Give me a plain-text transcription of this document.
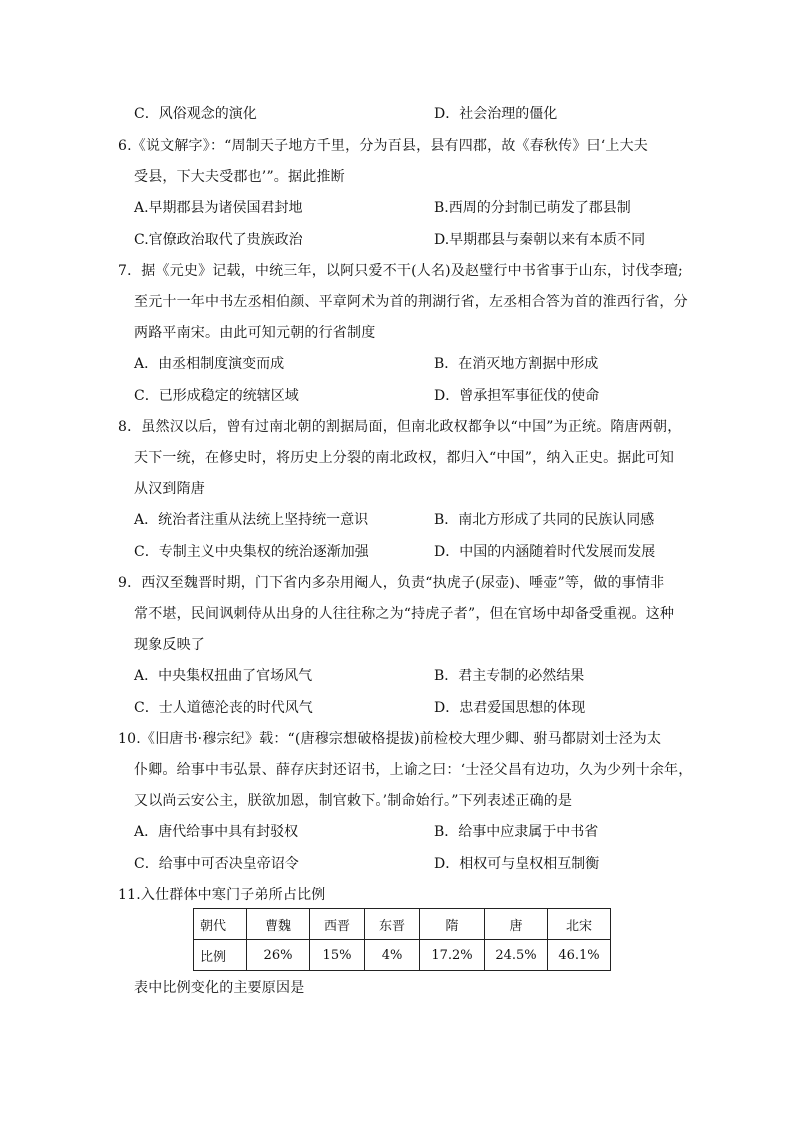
C．风俗观念的演化	D．社会治理的僵化
6.《说文解字》：“周制天子地方千里，分为百县，县有四郡，故《春秋传》曰‘上大夫
受县，下大夫受郡也’”。据此推断
A.早期郡县为诸侯国君封地	B.西周的分封制已萌发了郡县制
C.官僚政治取代了贵族政治	D.早期郡县与秦朝以来有本质不同
7．据《元史》记载，中统三年，以阿只爱不干(人名)及赵璧行中书省事于山东，讨伐李璮;
至元十一年中书左丞相伯颜、平章阿术为首的荆湖行省，左丞相合答为首的淮西行省，分
两路平南宋。由此可知元朝的行省制度
A．由丞相制度演变而成	B．在消灭地方割据中形成
C．已形成稳定的统辖区域	D．曾承担军事征伐的使命
8．虽然汉以后，曾有过南北朝的割据局面，但南北政权都争以“中国”为正统。隋唐两朝，
天下一统，在修史时，将历史上分裂的南北政权，都归入“中国”，纳入正史。据此可知
从汉到隋唐
A．统治者注重从法统上坚持统一意识	B．南北方形成了共同的民族认同感
C．专制主义中央集权的统治逐渐加强	D．中国的内涵随着时代发展而发展
9．西汉至魏晋时期，门下省内多杂用阉人，负责“执虎子(尿壶)、唾壶”等，做的事情非
常不堪，民间讽刺侍从出身的人往往称之为“持虎子者”，但在官场中却备受重视。这种
现象反映了
A．中央集权扭曲了官场风气	B．君主专制的必然结果
C．士人道德沦丧的时代风气	D．忠君爱国思想的体现
10.《旧唐书·穆宗纪》载：“(唐穆宗想破格提拔)前检校大理少卿、驸马都尉刘士泾为太
仆卿。给事中韦弘景、薛存庆封还诏书，上谕之曰：‘士泾父昌有边功，久为少列十余年，
又以尚云安公主，朕欲加恩，制官敕下。’制命始行。”下列表述正确的是
A．唐代给事中具有封驳权	B．给事中应隶属于中书省
C．给事中可否决皇帝诏令	D．相权可与皇权相互制衡
11.入仕群体中寒门子弟所占比例
朝代	曹魏	西晋	东晋	隋	唐	北宋
比例	26%	15%	4%	17.2%	24.5%	46.1%
表中比例变化的主要原因是
